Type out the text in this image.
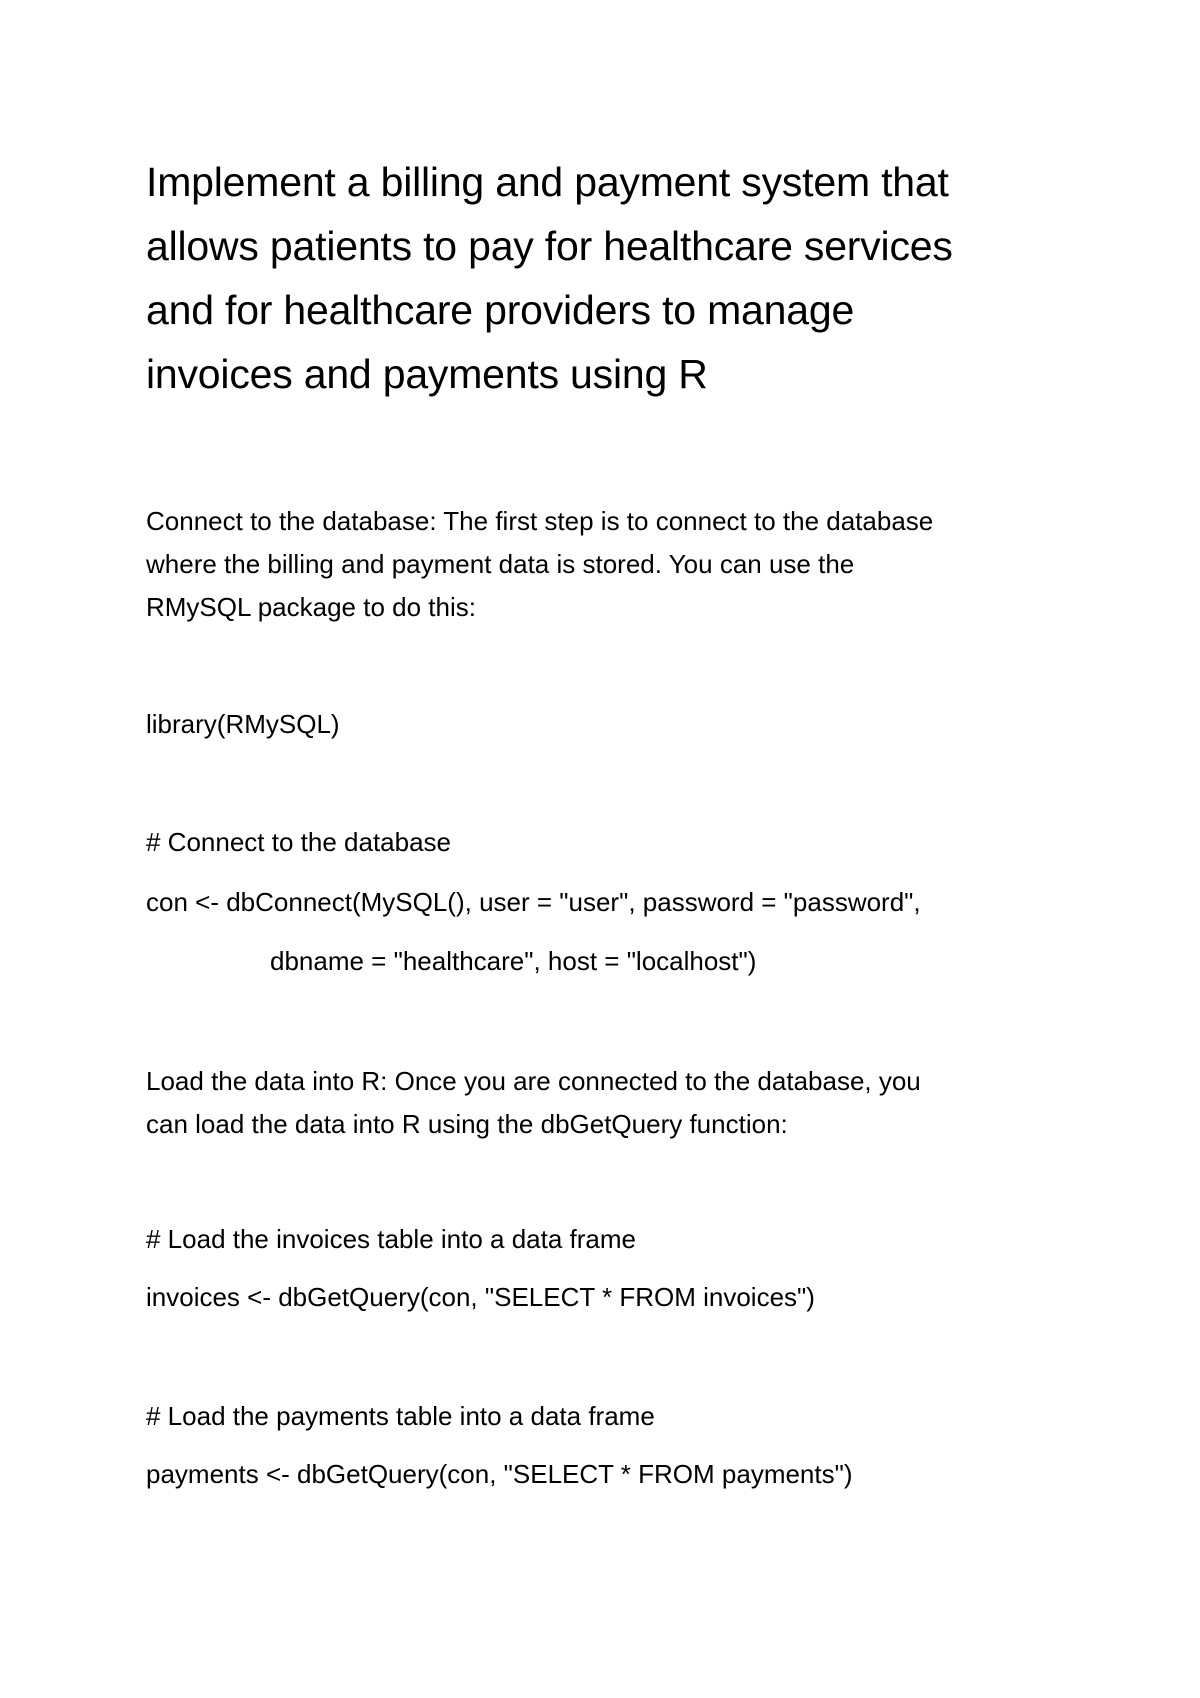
Implement a billing and payment system that
allows patients to pay for healthcare services
and for healthcare providers to manage
invoices and payments using R
Connect to the database: The first step is to connect to the database
where the billing and payment data is stored. You can use the
RMySQL package to do this:
library(RMySQL)
# Connect to the database
con <- dbConnect(MySQL(), user = "user", password = "password",
dbname = "healthcare", host = "localhost")
Load the data into R: Once you are connected to the database, you
can load the data into R using the dbGetQuery function:
# Load the invoices table into a data frame
invoices <- dbGetQuery(con, "SELECT * FROM invoices")
# Load the payments table into a data frame
payments <- dbGetQuery(con, "SELECT * FROM payments")
